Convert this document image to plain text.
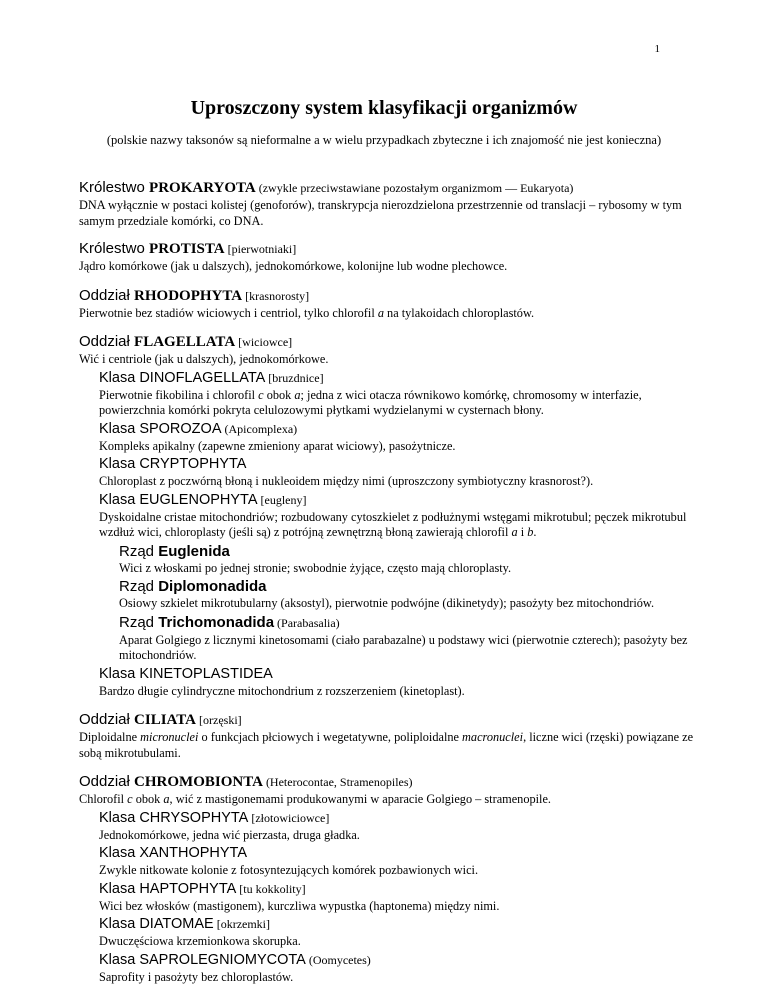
1
Uproszczony system klasyfikacji organizmów
(polskie nazwy taksonów są nieformalne a w wielu przypadkach zbyteczne i ich znajomość nie jest konieczna)
Królestwo PROKARYOTA (zwykle przeciwstawiane pozostałym organizmom — Eukaryota)
DNA wyłącznie w postaci kolistej (genoforów), transkrypcja nierozdzielona przestrzennie od translacji – rybosomy w tym samym przedziale komórki, co DNA.
Królestwo PROTISTA [pierwotniaki]
Jądro komórkowe (jak u dalszych), jednokomórkowe, kolonijne lub wodne plechowce.
Oddział RHODOPHYTA [krasnorosty]
Pierwotnie bez stadiów wiciowych i centriol, tylko chlorofil a na tylakoidach chloroplastów.
Oddział FLAGELLATA [wiciowce]
Wić i centriole (jak u dalszych), jednokomórkowe.
Klasa DINOFLAGELLATA [bruzdnice]
Pierwotnie fikobilina i chlorofil c obok a; jedna z wici otacza równikowo komórkę, chromosomy w interfazie, powierzchnia komórki pokryta celulozowymi płytkami wydzielanymi w cysternach błony.
Klasa SPOROZOA (Apicomplexa)
Kompleks apikalny (zapewne zmieniony aparat wiciowy), pasożytnicze.
Klasa CRYPTOPHYTA
Chloroplast z poczwórną błoną i nukleoidem między nimi (uproszczony symbiotyczny krasnorost?).
Klasa EUGLENOPHYTA [eugleny]
Dyskoidalne cristae mitochondriów; rozbudowany cytoszkielet z podłużnymi wstęgami mikrotubul; pęczek mikrotubul wzdłuż wici, chloroplasty (jeśli są) z potrójną zewnętrzną błoną zawierają chlorofil a i b.
Rząd Euglenida
Wici z włoskami po jednej stronie; swobodnie żyjące, często mają chloroplasty.
Rząd Diplomonadida
Osiowy szkielet mikrotubularny (aksostyl), pierwotnie podwójne (dikinetydy); pasożyty bez mitochondriów.
Rząd Trichomonadida (Parabasalia)
Aparat Golgiego z licznymi kinetosomami (ciało parabazalne) u podstawy wici (pierwotnie czterech); pasożyty bez mitochondriów.
Klasa KINETOPLASTIDEA
Bardzo długie cylindryczne mitochondrium z rozszerzeniem (kinetoplast).
Oddział CILIATA [orzęski]
Diploidalne micronuclei o funkcjach płciowych i wegetatywne, poliploidalne macronuclei, liczne wici (rzęski) powiązane ze sobą mikrotubulami.
Oddział CHROMOBIONTA (Heterocontae, Stramenopiles)
Chlorofil c obok a, wić z mastigonemami produkowanymi w aparacie Golgiego – stramenopile.
Klasa CHRYSOPHYTA [złotowiciowce]
Jednokomórkowe, jedna wić pierzasta, druga gładka.
Klasa XANTHOPHYTA
Zwykle nitkowate kolonie z fotosyntezujących komórek pozbawionych wici.
Klasa HAPTOPHYTA [tu kokkolity]
Wici bez włosków (mastigonem), kurczliwa wypustka (haptonema) między nimi.
Klasa DIATOMAE [okrzemki]
Dwuczęściowa krzemionkowa skorupka.
Klasa SAPROLEGNIOMYCOTA (Oomycetes)
Saprofity i pasożyty bez chloroplastów.
